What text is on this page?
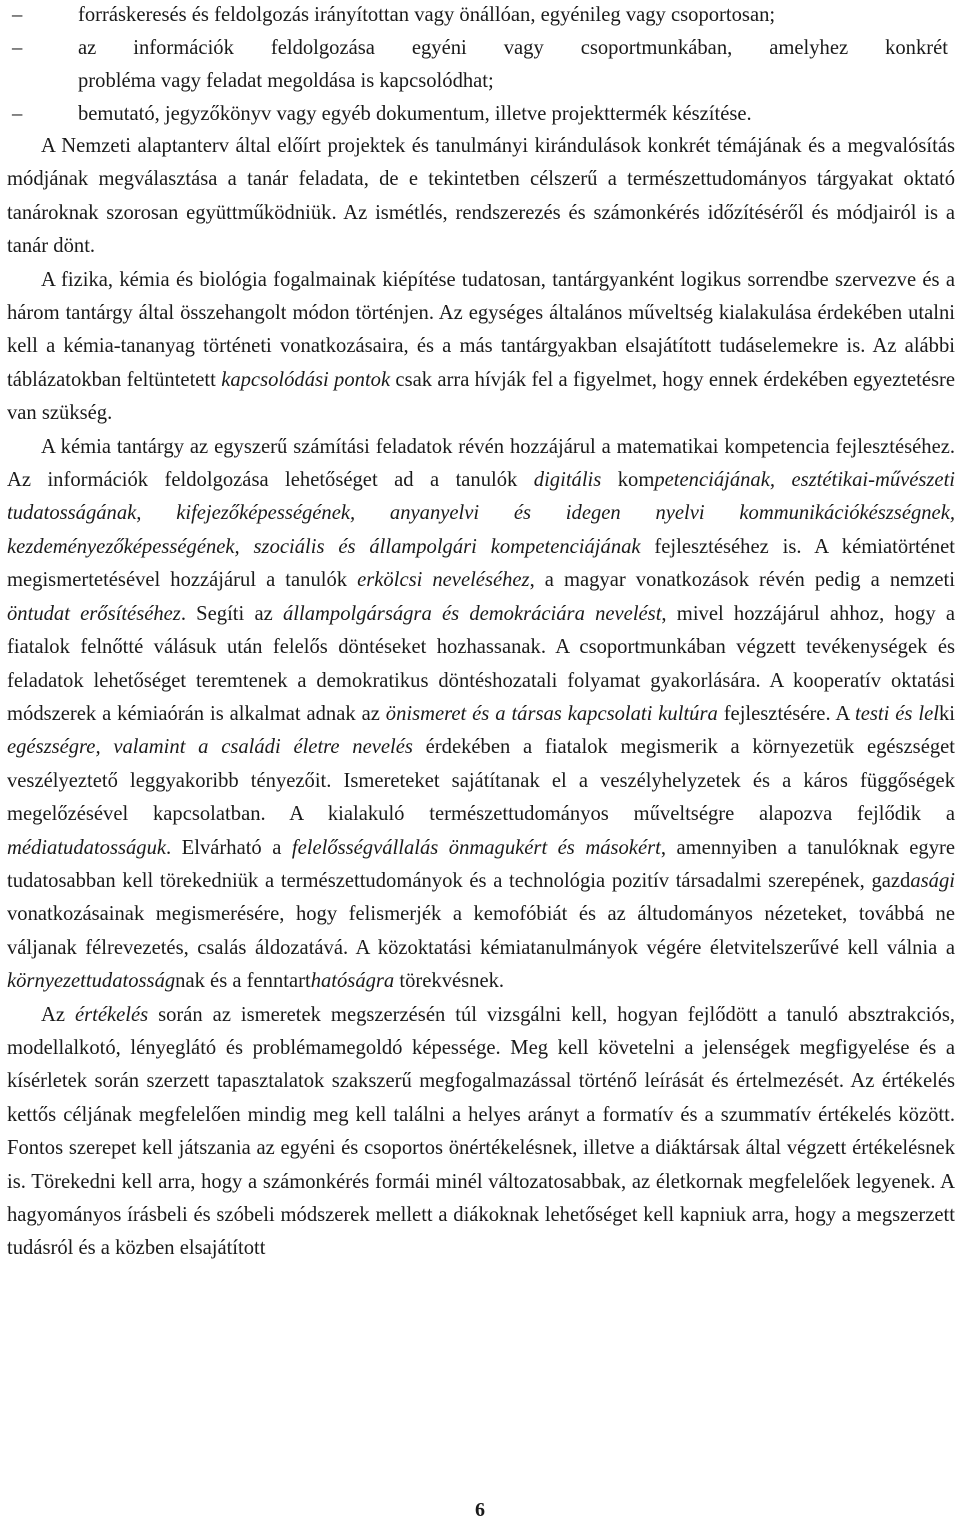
–	forráskeresés és feldolgozás irányítottan vagy önállóan, egyénileg vagy csoportosan;
–	az információk feldolgozása egyéni vagy csoportmunkában, amelyhez konkrét
probléma vagy feladat megoldása is kapcsolódhat;
–	bemutató, jegyzőkönyv vagy egyéb dokumentum, illetve projekttermék készítése.

A Nemzeti alaptanterv által előírt projektek és tanulmányi kirándulások konkrét témájának és a megvalósítás módjának megválasztása a tanár feladata, de e tekintetben célszerű a természettudományos tárgyakat oktató tanároknak szorosan együttműködniük. Az ismétlés, rendszerezés és számonkérés időzítéséről és módjairól is a tanár dönt.

A fizika, kémia és biológia fogalmainak kiépítése tudatosan, tantárgyanként logikus sorrendbe szervezve és a három tantárgy által összehangolt módon történjen. Az egységes általános műveltség kialakulása érdekében utalni kell a kémia-tananyag történeti vonatkozásaira, és a más tantárgyakban elsajátított tudáselemekre is. Az alábbi táblázatokban feltüntetett kapcsolódási pontok csak arra hívják fel a figyelmet, hogy ennek érdekében egyeztetésre van szükség.

A kémia tantárgy az egyszerű számítási feladatok révén hozzájárul a matematikai kompetencia fejlesztéséhez. Az információk feldolgozása lehetőséget ad a tanulók digitális kompetenciájának, esztétikai-művészeti tudatosságának, kifejezőképességének, anyanyelvi és idegen nyelvi kommunikációkészségnek, kezdeményezőképességének, szociális és állampolgári kompetenciájának fejlesztéséhez is. A kémiatörténet megismertetésével hozzájárul a tanulók erkölcsi neveléséhez, a magyar vonatkozások révén pedig a nemzeti öntudat erősítéséhez. Segíti az állampolgárságra és demokráciára nevelést, mivel hozzájárul ahhoz, hogy a fiatalok felnőtté válásuk után felelős döntéseket hozhassanak. A csoportmunkában végzett tevékenységek és feladatok lehetőséget teremtenek a demokratikus döntéshozatali folyamat gyakorlására. A kooperatív oktatási módszerek a kémiaórán is alkalmat adnak az önismeret és a társas kapcsolati kultúra fejlesztésére. A testi és lelki egészségre, valamint a családi életre nevelés érdekében a fiatalok megismerik a környezetük egészséget veszélyeztető leggyakoribb tényezőit. Ismereteket sajátítanak el a veszélyhelyzetek és a káros függőségek megelőzésével kapcsolatban. A kialakuló természettudományos műveltségre alapozva fejlődik a médiatudatosságuk. Elvárható a felelősségvállalás önmagukért és másokért, amennyiben a tanulóknak egyre tudatosabban kell törekedniük a természettudományok és a technológia pozitív társadalmi szerepének, gazdasági vonatkozásainak megismerésére, hogy felismerjék a kemofóbiát és az áltudományos nézeteket, továbbá ne váljanak félrevezetés, csalás áldozatává. A közoktatási kémiatanulmányok végére életvitelszerűvé kell válnia a környezettudatosságnak és a fenntarthatóságra törekvésnek.

Az értékelés során az ismeretek megszerzésén túl vizsgálni kell, hogyan fejlődött a tanuló absztrakciós, modellalkotó, lényeglátó és problémamegoldó képessége. Meg kell követelni a jelenségek megfigyelése és a kísérletek során szerzett tapasztalatok szakszerű megfogalmazással történő leírását és értelmezését. Az értékelés kettős céljának megfelelően mindig meg kell találni a helyes arányt a formatív és a szummatív értékelés között. Fontos szerepet kell játszania az egyéni és csoportos önértékelésnek, illetve a diáktársak által végzett értékelésnek is. Törekedni kell arra, hogy a számonkérés formái minél változatosabbak, az életkornak megfelelőek legyenek. A hagyományos írásbeli és szóbeli módszerek mellett a diákoknak lehetőséget kell kapniuk arra, hogy a megszerzett tudásról és a közben elsajátított

6
